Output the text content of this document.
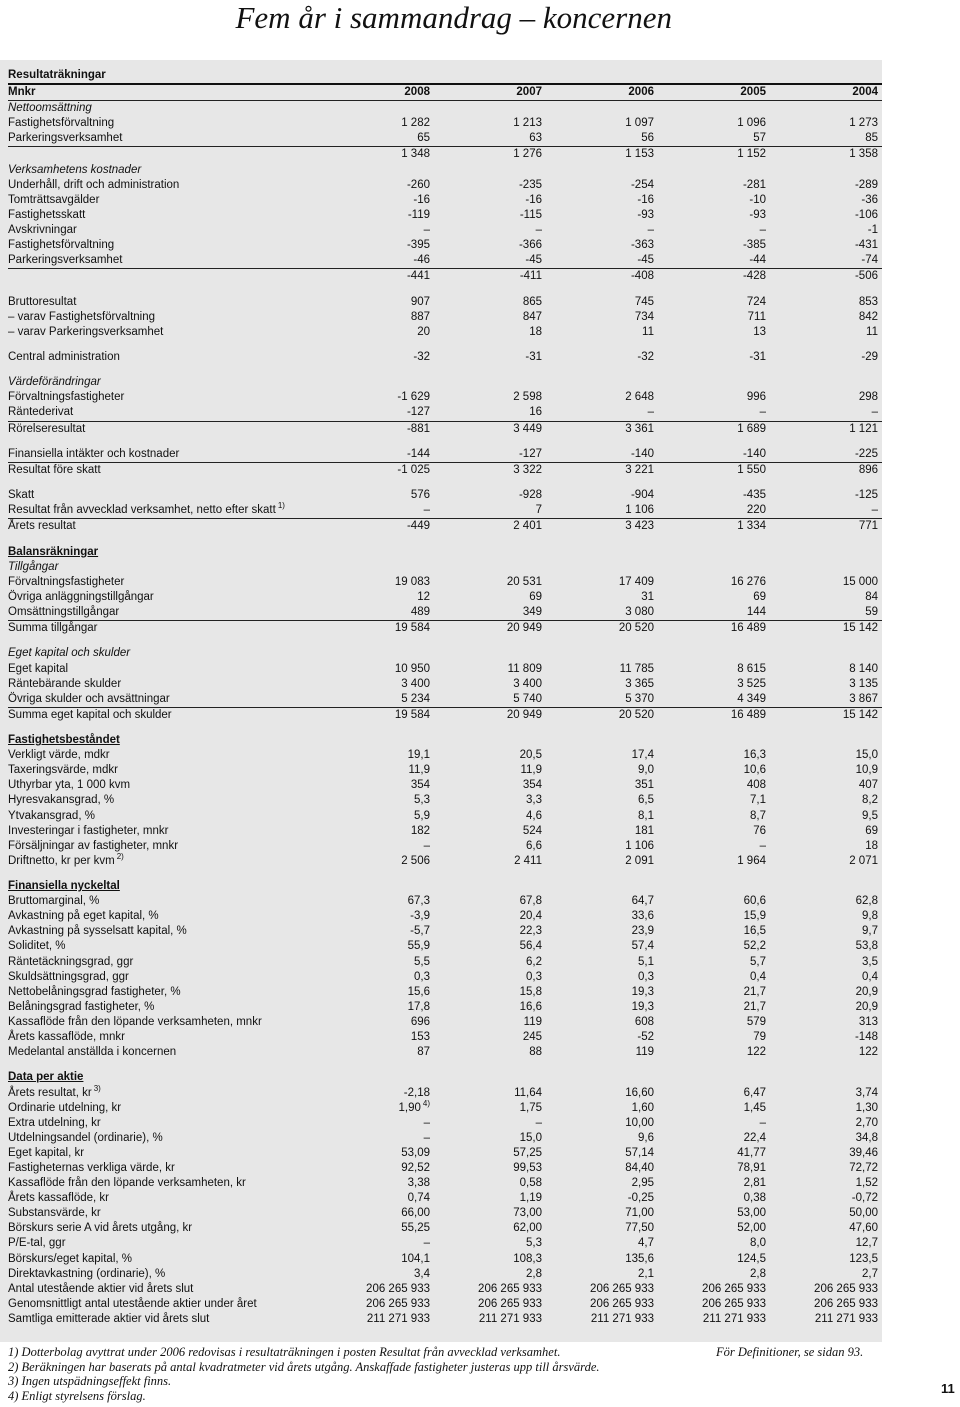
Fem år i sammandrag – koncernen
Resultaträkningar
Mnkr	2008	2007	2006	2005	2004
Nettoomsättning
Fastighetsförvaltning	1 282	1 213	1 097	1 096	1 273
Parkeringsverksamhet	65	63	56	57	85
1 348	1 276	1 153	1 152	1 358
Verksamhetens kostnader
Underhåll, drift och administration	-260	-235	-254	-281	-289
Tomträttsavgälder	-16	-16	-16	-10	-36
Fastighetsskatt	-119	-115	-93	-93	-106
Avskrivningar	–	–	–	–	-1
Fastighetsförvaltning	-395	-366	-363	-385	-431
Parkeringsverksamhet	-46	-45	-45	-44	-74
-441	-411	-408	-428	-506
Bruttoresultat	907	865	745	724	853
– varav Fastighetsförvaltning	887	847	734	711	842
– varav Parkeringsverksamhet	20	18	11	13	11
Central administration	-32	-31	-32	-31	-29
Värdeförändringar
Förvaltningsfastigheter	-1 629	2 598	2 648	996	298
Räntederivat	-127	16	–	–	–
Rörelseresultat	-881	3 449	3 361	1 689	1 121
Finansiella intäkter och kostnader	-144	-127	-140	-140	-225
Resultat före skatt	-1 025	3 322	3 221	1 550	896
Skatt	576	-928	-904	-435	-125
Resultat från avvecklad verksamhet, netto efter skatt $^{1)}$	–	7	1 106	220	–
Årets resultat	-449	2 401	3 423	1 334	771
Balansräkningar
Tillgångar
Förvaltningsfastigheter	19 083	20 531	17 409	16 276	15 000
Övriga anläggningstillgångar	12	69	31	69	84
Omsättningstillgångar	489	349	3 080	144	59
Summa tillgångar	19 584	20 949	20 520	16 489	15 142
Eget kapital och skulder
Eget kapital	10 950	11 809	11 785	8 615	8 140
Räntebärande skulder	3 400	3 400	3 365	3 525	3 135
Övriga skulder och avsättningar	5 234	5 740	5 370	4 349	3 867
Summa eget kapital och skulder	19 584	20 949	20 520	16 489	15 142
Fastighetsbeståndet
Verkligt värde, mdkr	19,1	20,5	17,4	16,3	15,0
Taxeringsvärde, mdkr	11,9	11,9	9,0	10,6	10,9
Uthyrbar yta, 1 000 kvm	354	354	351	408	407
Hyresvakansgrad, %	5,3	3,3	6,5	7,1	8,2
Ytvakansgrad, %	5,9	4,6	8,1	8,7	9,5
Investeringar i fastigheter, mnkr	182	524	181	76	69
Försäljningar av fastigheter, mnkr	–	6,6	1 106	–	18
Driftnetto, kr per kvm $^{2)}$	2 506	2 411	2 091	1 964	2 071
Finansiella nyckeltal
Bruttomarginal, %	67,3	67,8	64,7	60,6	62,8
Avkastning på eget kapital, %	-3,9	20,4	33,6	15,9	9,8
Avkastning på sysselsatt kapital, %	-5,7	22,3	23,9	16,5	9,7
Soliditet, %	55,9	56,4	57,4	52,2	53,8
Räntetäckningsgrad, ggr	5,5	6,2	5,1	5,7	3,5
Skuldsättningsgrad, ggr	0,3	0,3	0,3	0,4	0,4
Nettobelåningsgrad fastigheter, %	15,6	15,8	19,3	21,7	20,9
Belåningsgrad fastigheter, %	17,8	16,6	19,3	21,7	20,9
Kassaflöde från den löpande verksamheten, mnkr	696	119	608	579	313
Årets kassaflöde, mnkr	153	245	-52	79	-148
Medelantal anställda i koncernen	87	88	119	122	122
Data per aktie
Årets resultat, kr $^{3)}$	-2,18	11,64	16,60	6,47	3,74
Ordinarie utdelning, kr	1,90 $^{4)}$	1,75	1,60	1,45	1,30
Extra utdelning, kr	–	–	10,00	–	2,70
Utdelningsandel (ordinarie), %	–	15,0	9,6	22,4	34,8
Eget kapital, kr	53,09	57,25	57,14	41,77	39,46
Fastigheternas verkliga värde, kr	92,52	99,53	84,40	78,91	72,72
Kassaflöde från den löpande verksamheten, kr	3,38	0,58	2,95	2,81	1,52
Årets kassaflöde, kr	0,74	1,19	-0,25	0,38	-0,72
Substansvärde, kr	66,00	73,00	71,00	53,00	50,00
Börskurs serie A vid årets utgång, kr	55,25	62,00	77,50	52,00	47,60
P/E-tal, ggr	–	5,3	4,7	8,0	12,7
Börskurs/eget kapital, %	104,1	108,3	135,6	124,5	123,5
Direktavkastning (ordinarie), %	3,4	2,8	2,1	2,8	2,7
Antal utestående aktier vid årets slut	206 265 933	206 265 933	206 265 933	206 265 933	206 265 933
Genomsnittligt antal utestående aktier under året	206 265 933	206 265 933	206 265 933	206 265 933	206 265 933
Samtliga emitterade aktier vid årets slut	211 271 933	211 271 933	211 271 933	211 271 933	211 271 933
1) Dotterbolag avyttrat under 2006 redovisas i resultaträkningen i posten Resultat från avvecklad verksamhet.
2) Beräkningen har baserats på antal kvadratmeter vid årets utgång. Anskaffade fastigheter justeras upp till årsvärde.
3) Ingen utspädningseffekt finns.
4) Enligt styrelsens förslag.
För Definitioner, se sidan 93.
11
